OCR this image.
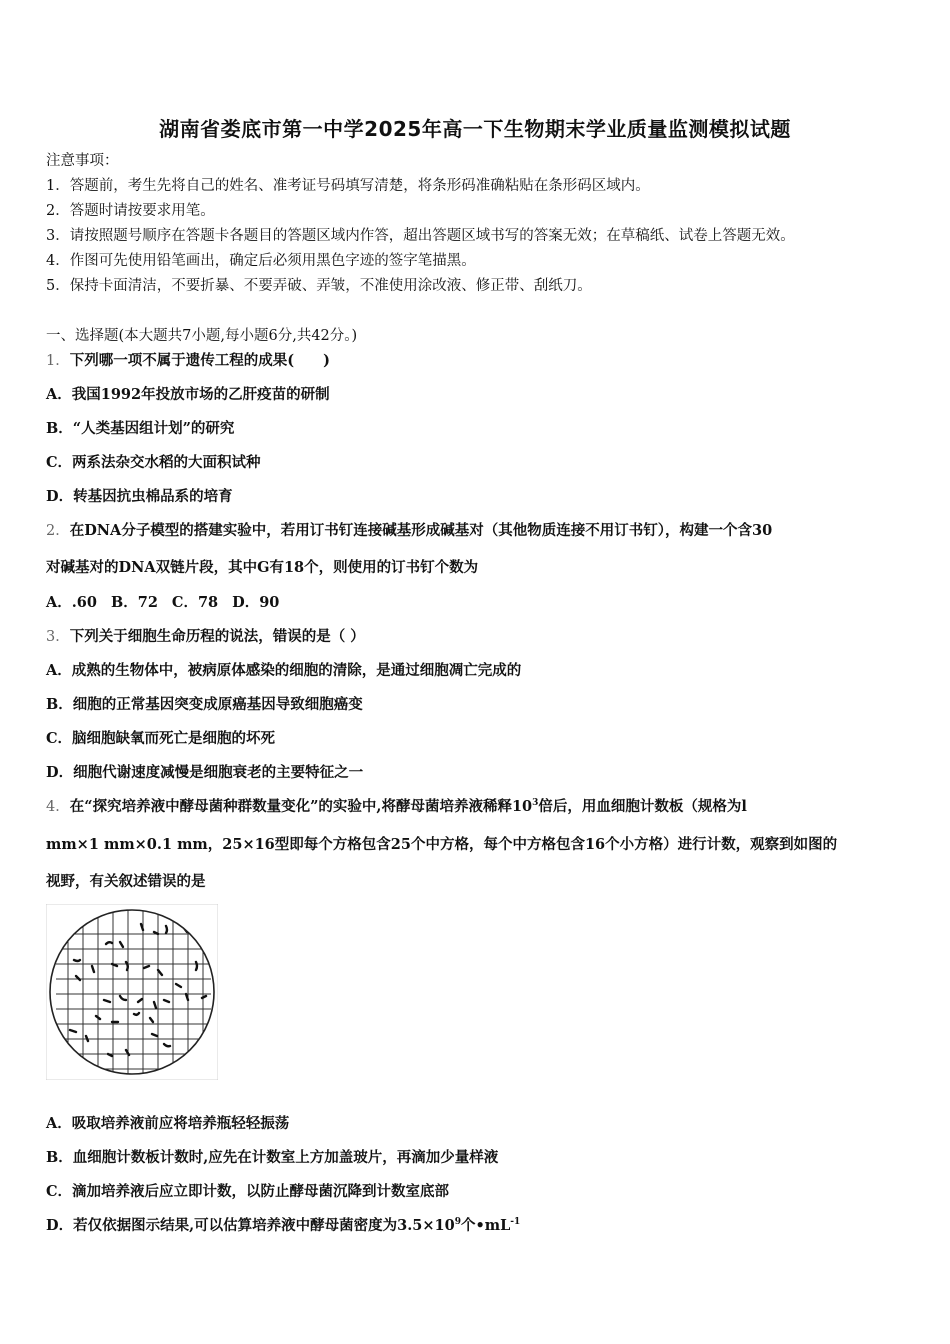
湖南省娄底市第一中学2025年高一下生物期末学业质量监测模拟试题
注意事项：
1．答题前，考生先将自己的姓名、准考证号码填写清楚，将条形码准确粘贴在条形码区域内。
2．答题时请按要求用笔。
3．请按照题号顺序在答题卡各题目的答题区域内作答，超出答题区域书写的答案无效；在草稿纸、试卷上答题无效。
4．作图可先使用铅笔画出，确定后必须用黑色字迹的签字笔描黑。
5．保持卡面清洁，不要折暴、不要弄破、弄皱，不准使用涂改液、修正带、刮纸刀。
一、选择题(本大题共7小题,每小题6分,共42分。)
1．下列哪一项不属于遗传工程的成果(　　)
A．我国1992年投放市场的乙肝疫苗的研制
B．“人类基因组计划”的研究
C．两系法杂交水稻的大面积试种
D．转基因抗虫棉品系的培育
2．在DNA分子模型的搭建实验中，若用订书钉连接碱基形成碱基对（其他物质连接不用订书钉），构建一个含30
对碱基对的DNA双链片段，其中G有18个，则使用的订书钉个数为
A．.60 B．72 C．78 D．90
3．下列关于细胞生命历程的说法，错误的是（ ）
A．成熟的生物体中，被病原体感染的细胞的清除，是通过细胞凋亡完成的
B．细胞的正常基因突变成原癌基因导致细胞癌变
C．脑细胞缺氧而死亡是细胞的坏死
D．细胞代谢速度减慢是细胞衰老的主要特征之一
4．在“探究培养液中酵母菌种群数量变化”的实验中,将酵母菌培养液稀释$10^3$倍后，用血细胞计数板（规格为l
mm×1 mm×0.1 mm，25×16型即每个方格包含25个中方格，每个中方格包含16个小方格）进行计数，观察到如图的
视野，有关叙述错误的是
A．吸取培养液前应将培养瓶轻轻振荡
B．血细胞计数板计数时,应先在计数室上方加盖玻片，再滴加少量样液
C．滴加培养液后应立即计数，以防止酵母菌沉降到计数室底部
D．若仅依据图示结果,可以估算培养液中酵母菌密度为$3.5\times 10^9$个$•mL^{-1}$
